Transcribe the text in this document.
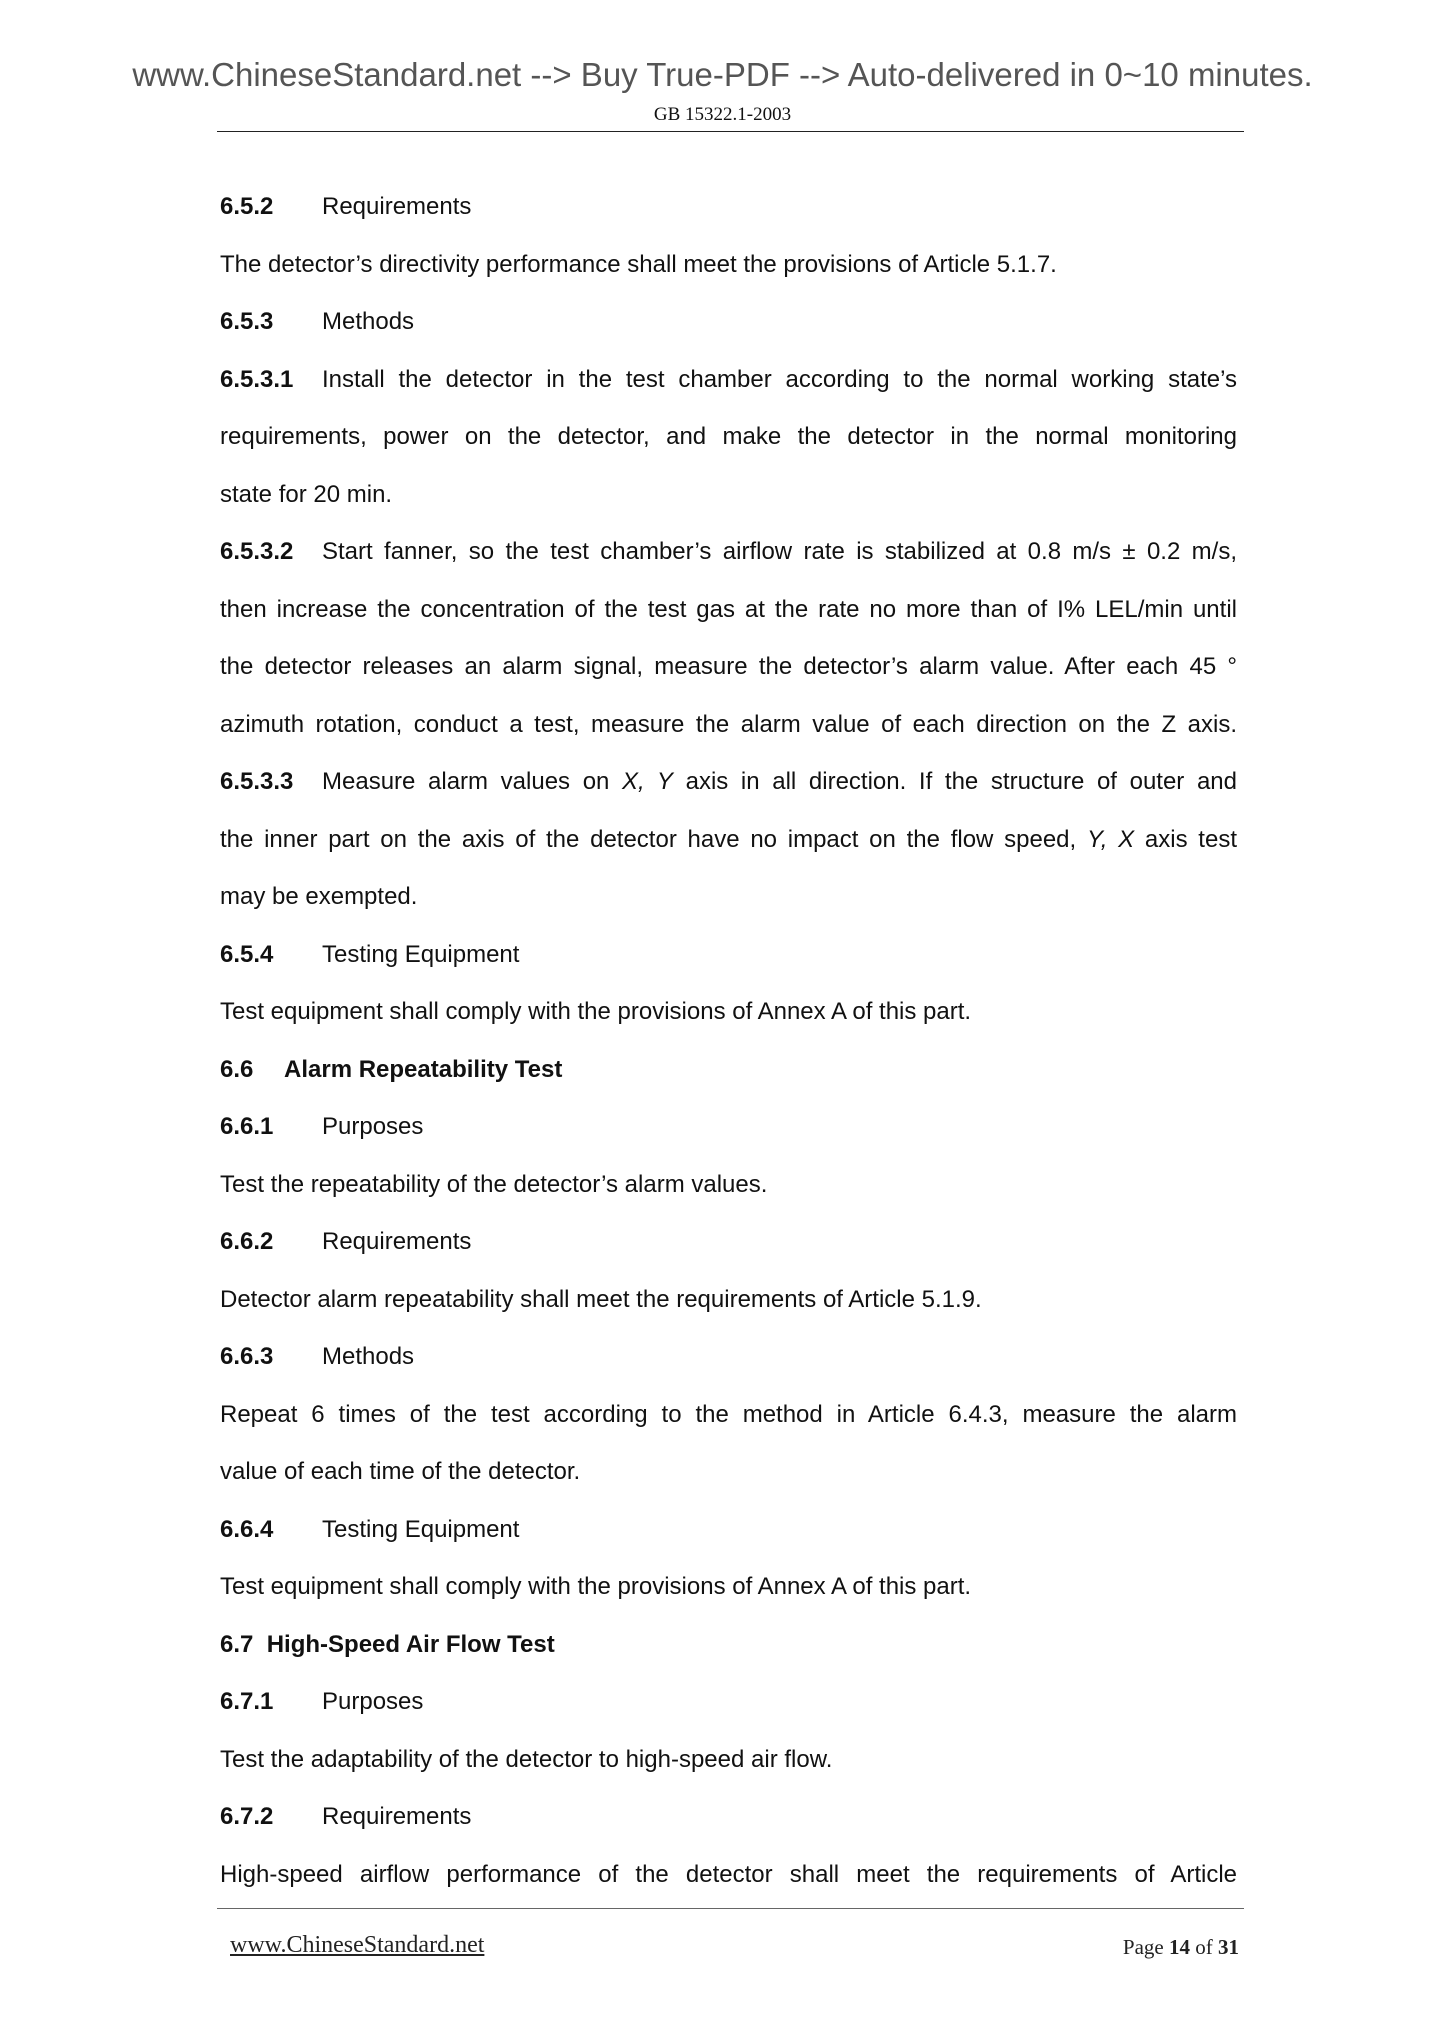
www.ChineseStandard.net --> Buy True-PDF --> Auto-delivered in 0~10 minutes.
GB 15322.1-2003
6.5.2 Requirements
The detector’s directivity performance shall meet the provisions of Article 5.1.7.
6.5.3 Methods
6.5.3.1 Install the detector in the test chamber according to the normal working state’s
requirements, power on the detector, and make the detector in the normal monitoring
state for 20 min.
6.5.3.2 Start fanner, so the test chamber’s airflow rate is stabilized at 0.8 m/s ± 0.2 m/s,
then increase the concentration of the test gas at the rate no more than of I% LEL/min until
the detector releases an alarm signal, measure the detector’s alarm value. After each 45 °
azimuth rotation, conduct a test, measure the alarm value of each direction on the Z axis.
6.5.3.3 Measure alarm values on X, Y axis in all direction. If the structure of outer and
the inner part on the axis of the detector have no impact on the flow speed, Y, X axis test
may be exempted.
6.5.4 Testing Equipment
Test equipment shall comply with the provisions of Annex A of this part.
6.6 Alarm Repeatability Test
6.6.1 Purposes
Test the repeatability of the detector’s alarm values.
6.6.2 Requirements
Detector alarm repeatability shall meet the requirements of Article 5.1.9.
6.6.3 Methods
Repeat 6 times of the test according to the method in Article 6.4.3, measure the alarm
value of each time of the detector.
6.6.4 Testing Equipment
Test equipment shall comply with the provisions of Annex A of this part.
6.7 High-Speed Air Flow Test
6.7.1 Purposes
Test the adaptability of the detector to high-speed air flow.
6.7.2 Requirements
High-speed airflow performance of the detector shall meet the requirements of Article
www.ChineseStandard.net	Page 14 of 31
